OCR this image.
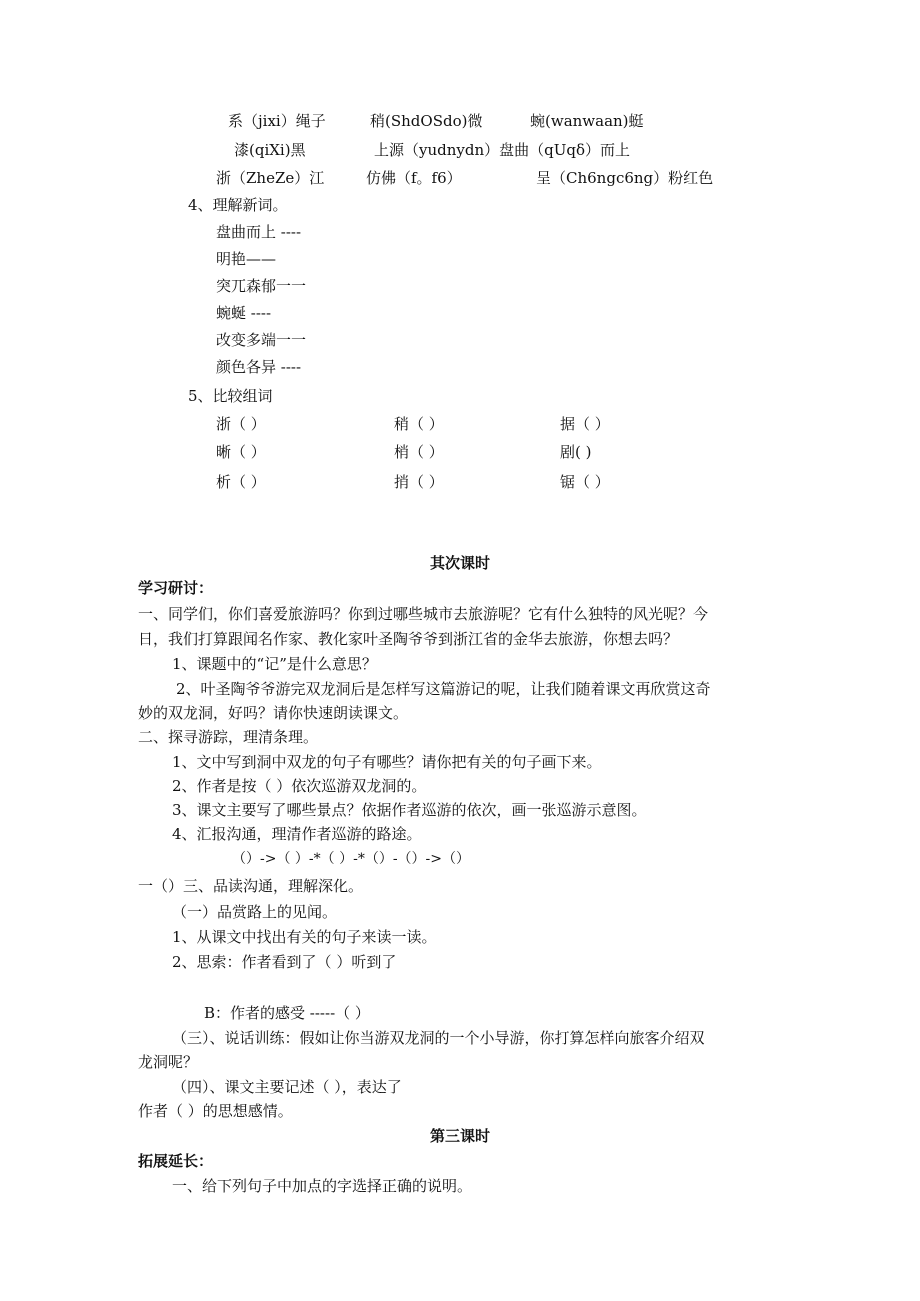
系（jixi）绳子	稍(ShdOSdo)微	蜿(wanwaan)蜓
漆(qiXi)黑	上源（yudnydn）盘曲（qUqδ）而上
浙（ZheZe）江	仿佛（f。f6）	呈（Ch6ngc6ng）粉红色
4、理解新词。
盘曲而上 ----
明艳——
突兀森郁一一
蜿蜒 ----
改变多端一一
颜色各异 ----
5、比较组词
浙（ ）	稍（ ）	据（ ）
晰（ ）	梢（ ）	剧( )
析（ ）	捎（ ）	锯（ ）
其次课时
学习研讨：
一、同学们，你们喜爱旅游吗？你到过哪些城市去旅游呢？它有什么独特的风光呢？今
日，我们打算跟闻名作家、教化家叶圣陶爷爷到浙江省的金华去旅游，你想去吗？
1、课题中的“记”是什么意思？
2、叶圣陶爷爷游完双龙洞后是怎样写这篇游记的呢，让我们随着课文再欣赏这奇
妙的双龙洞，好吗？请你快速朗读课文。
二、探寻游踪，理清条理。
1、文中写到洞中双龙的句子有哪些？请你把有关的句子画下来。
2、作者是按（ ）依次巡游双龙洞的。
3、课文主要写了哪些景点？依据作者巡游的依次，画一张巡游示意图。
4、汇报沟通，理清作者巡游的路途。
（）->（ ）-*（ ）-*（）-（）->（）
一（）三、品读沟通，理解深化。
（一）品赏路上的见闻。
1、从课文中找出有关的句子来读一读。
2、思索：作者看到了（ ）听到了
B：作者的感受 -----（ ）
（三）、说话训练：假如让你当游双龙洞的一个小导游，你打算怎样向旅客介绍双
龙洞呢？
（四）、课文主要记述（ ），表达了
作者（ ）的思想感情。
第三课时
拓展延长：
一、给下列句子中加点的字选择正确的说明。
